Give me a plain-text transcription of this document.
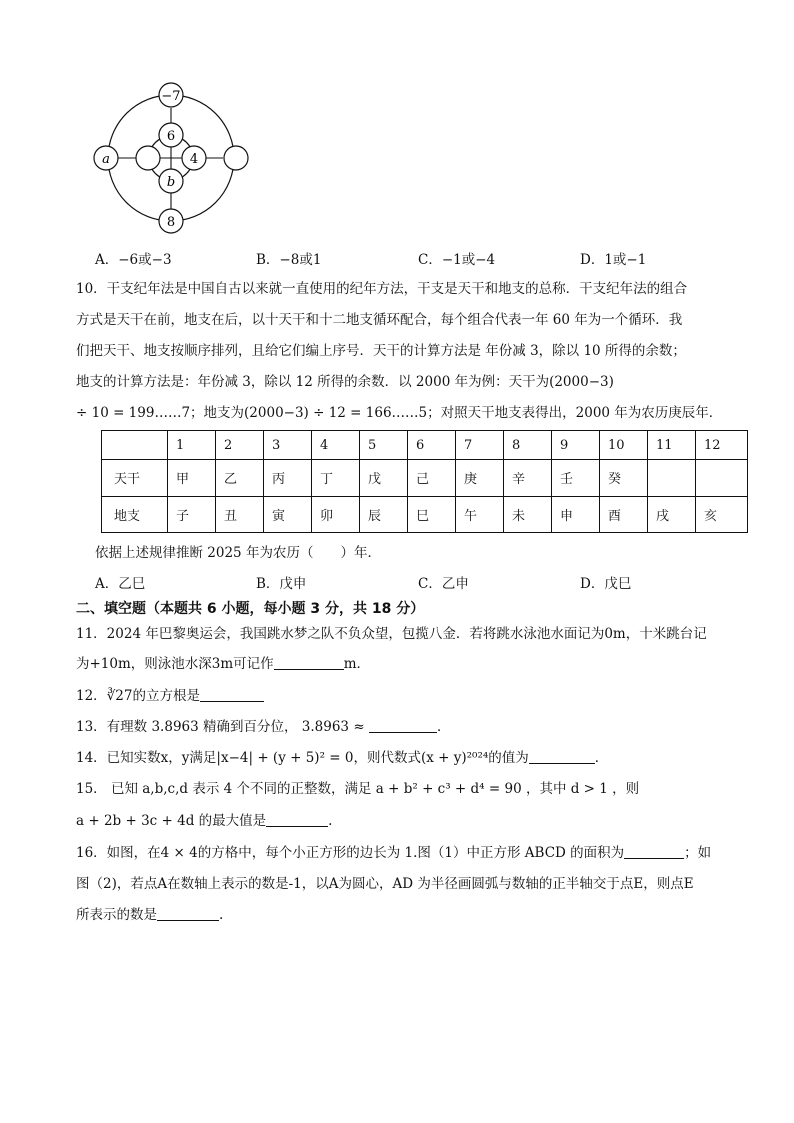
−7
6
4
b
a
8
A．−6或−3	B．−8或1	C．−1或−4	D．1或−1
10．干支纪年法是中国自古以来就一直使用的纪年方法，干支是天干和地支的总称．干支纪年法的组合
方式是天干在前，地支在后，以十天干和十二地支循环配合，每个组合代表一年 60 年为一个循环．我
们把天干、地支按顺序排列，且给它们编上序号．天干的计算方法是 年份减 3，除以 10 所得的余数；
地支的计算方法是：年份减 3，除以 12 所得的余数．以 2000 年为例：天干为(2000−3)
÷ 10 = 199……7；地支为(2000−3) ÷ 12 = 166……5；对照天干地支表得出，2000 年为农历庚辰年．
	1	2	3	4	5	6	7	8	9	10	11	12
天干	甲	乙	丙	丁	戊	己	庚	辛	壬	癸		
地支	子	丑	寅	卯	辰	巳	午	未	申	酉	戌	亥
依据上述规律推断 2025 年为农历（　　）年．
A．乙巳	B．戊申	C．乙申	D．戊巳
二、填空题（本题共 6 小题，每小题 3 分，共 18 分）
11．2024 年巴黎奥运会，我国跳水梦之队不负众望，包揽八金．若将跳水泳池水面记为0m，十米跳台记
为+10m，则泳池水深3m可记作	m．
12．∛27的立方根是
13．有理数 3.8963 精确到百分位， 3.8963 ≈	．
14．已知实数x，y满足|x−4| + (y + 5)² = 0，则代数式(x + y)²⁰²⁴的值为	．
15． 已知 a,b,c,d 表示 4 个不同的正整数，满足 a + b² + c³ + d⁴ = 90 ，其中 d > 1 ，则
a + 2b + 3c + 4d 的最大值是	.
16．如图，在4 × 4的方格中，每个小正方形的边长为 1.图（1）中正方形 ABCD 的面积为	；如
图（2)，若点A在数轴上表示的数是-1，以A为圆心，AD 为半径画圆弧与数轴的正半轴交于点E，则点E
所表示的数是	.
